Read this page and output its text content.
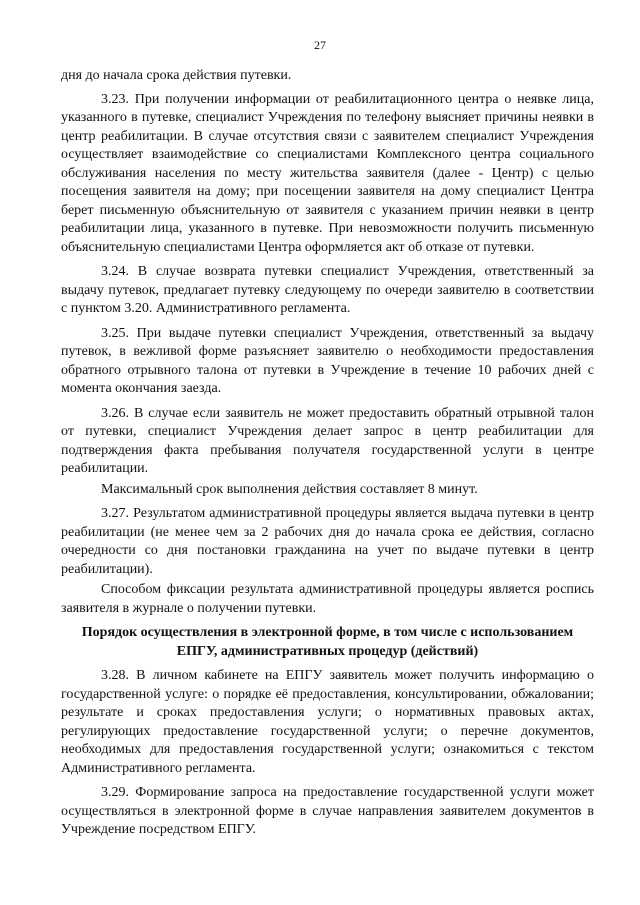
27

дня до начала срока действия путевки.

3.23. При получении информации от реабилитационного центра о неявке лица, указанного в путевке, специалист Учреждения по телефону выясняет причины неявки в центр реабилитации. В случае отсутствия связи с заявителем специалист Учреждения осуществляет взаимодействие со специалистами Комплексного центра социального обслуживания населения по месту жительства заявителя (далее - Центр) с целью посещения заявителя на дому; при посещении заявителя на дому специалист Центра берет письменную объяснительную от заявителя с указанием причин неявки в центр реабилитации лица, указанного в путевке. При невозможности получить письменную объяснительную специалистами Центра оформляется акт об отказе от путевки.

3.24. В случае возврата путевки специалист Учреждения, ответственный за выдачу путевок, предлагает путевку следующему по очереди заявителю в соответствии с пунктом 3.20. Административного регламента.

3.25. При выдаче путевки специалист Учреждения, ответственный за выдачу путевок, в вежливой форме разъясняет заявителю о необходимости предоставления обратного отрывного талона от путевки в Учреждение в течение 10 рабочих дней с момента окончания заезда.

3.26. В случае если заявитель не может предоставить обратный отрывной талон от путевки, специалист Учреждения делает запрос в центр реабилитации для подтверждения факта пребывания получателя государственной услуги в центре реабилитации.

Максимальный срок выполнения действия составляет 8 минут.

3.27. Результатом административной процедуры является выдача путевки в центр реабилитации (не менее чем за 2 рабочих дня до начала срока ее действия, согласно очередности со дня постановки гражданина на учет по выдаче путевки в центр реабилитации).

Способом фиксации результата административной процедуры является роспись заявителя в журнале о получении путевки.

Порядок осуществления в электронной форме, в том числе с использованием ЕПГУ, административных процедур (действий)

3.28. В личном кабинете на ЕПГУ заявитель может получить информацию о государственной услуге: о порядке её предоставления, консультировании, обжаловании; результате и сроках предоставления услуги; о нормативных правовых актах, регулирующих предоставление государственной услуги; о перечне документов, необходимых для предоставления государственной услуги; ознакомиться с текстом Административного регламента.

3.29. Формирование запроса на предоставление государственной услуги может осуществляться в электронной форме в случае направления заявителем документов в Учреждение посредством ЕПГУ.
